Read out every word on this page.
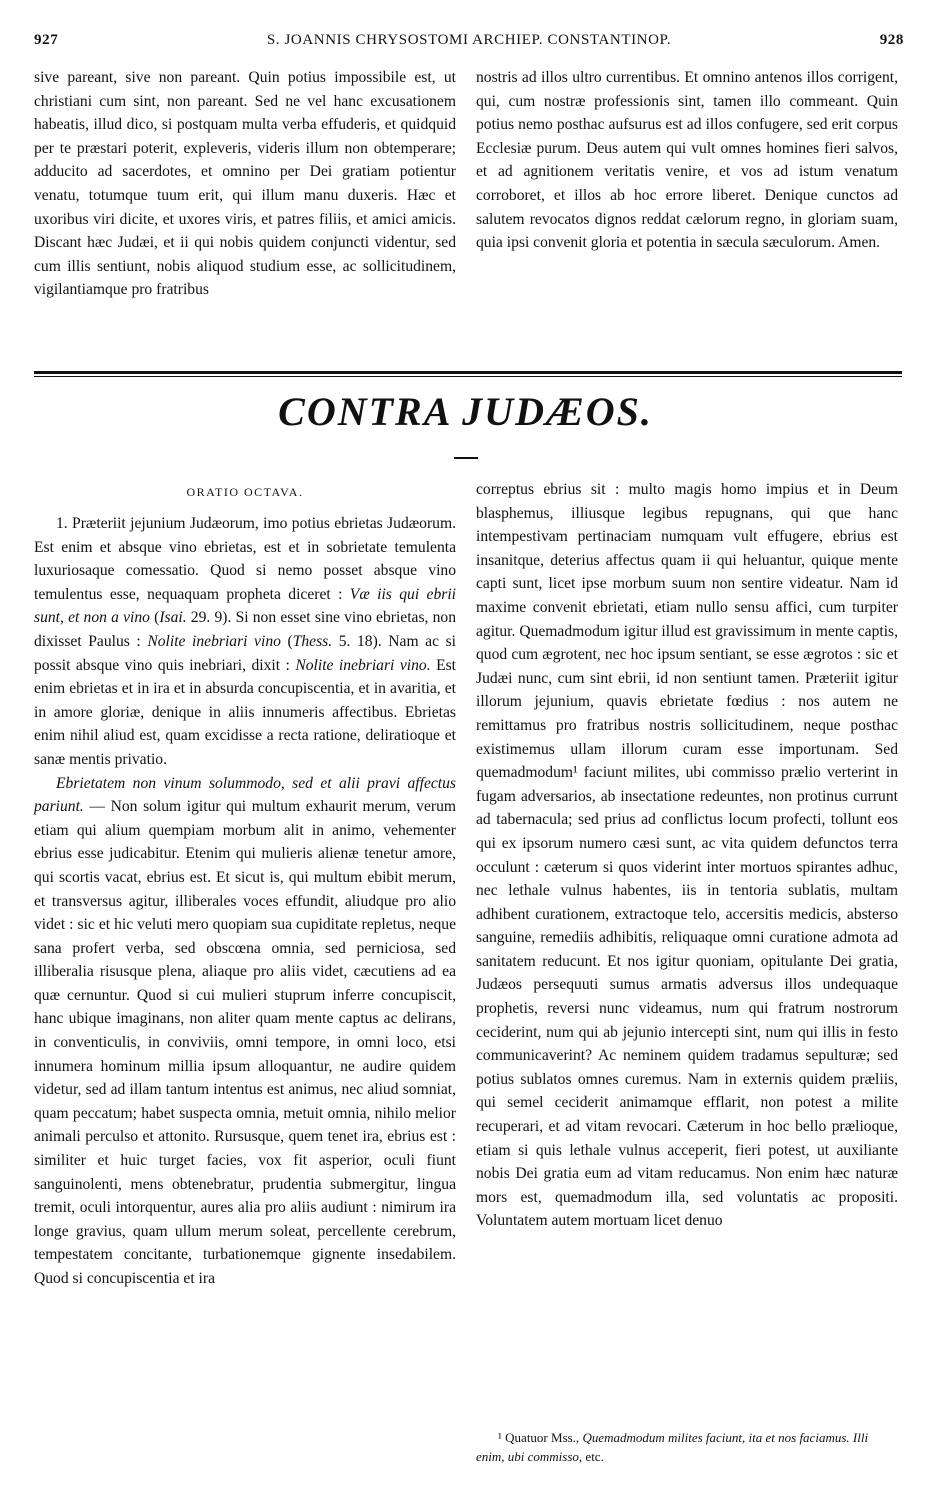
927	S. JOANNIS CHRYSOSTOMI ARCHIEP. CONSTANTINOP.	928

sive pareant, sive non pareant. Quin potius impossibile est, ut christiani cum sint, non pareant. Sed ne vel hanc excusationem habeatis, illud dico, si postquam multa verba effuderis, et quidquid per te præstari poterit, expleveris, videris illum non obtemperare; adducito ad sacerdotes, et omnino per Dei gratiam potientur venatu, totumque tuum erit, qui illum manu duxeris. Hæc et uxoribus viri dicite, et uxores viris, et patres filiis, et amici amicis. Discant hæc Judæi, et ii qui nobis quidem conjuncti videntur, sed cum illis sentiunt, nobis aliquod studium esse, ac sollicitudinem, vigilantiamque pro fratribus

nostris ad illos ultro currentibus. Et omnino antenos illos corrigent, qui, cum nostræ professionis sint, tamen illo commeant. Quin potius nemo posthac aufsurus est ad illos confugere, sed erit corpus Ecclesiæ purum. Deus autem qui vult omnes homines fieri salvos, et ad agnitionem veritatis venire, et vos ad istum venatum corroboret, et illos ab hoc errore liberet. Denique cunctos ad salutem revocatos dignos reddat cælorum regno, in gloriam suam, quia ipsi convenit gloria et potentia in sæcula sæculorum. Amen.

CONTRA JUDÆOS.
ORATIO OCTAVA.

1. Præteriit jejunium Judæorum, imo potius ebrietas Judæorum. Est enim et absque vino ebrietas, est et in sobrietate temulenta luxuriosaque comessatio. Quod si nemo posset absque vino temulentus esse, nequaquam propheta diceret : Væ iis qui ebrii sunt, et non a vino (Isai. 29. 9). Si non esset sine vino ebrietas, non dixisset Paulus : Nolite inebriari vino (Thess. 5. 18). Nam ac si possit absque vino quis inebriari, dixit : Nolite inebriari vino. Est enim ebrietas et in ira et in absurda concupiscentia, et in avaritia, et in amore gloriæ, denique in aliis innumeris affectibus. Ebrietas enim nihil aliud est, quam excidisse a recta ratione, deliratioque et sanæ mentis privatio.

Ebrietatem non vinum solummodo, sed et alii pravi affectus pariunt. — Non solum igitur qui multum exhaurit merum, verum etiam qui alium quempiam morbum alit in animo, vehementer ebrius esse judicabitur. Etenim qui mulieris alienæ tenetur amore, qui scortis vacat, ebrius est. Et sicut is, qui multum ebibit merum, et transversus agitur, illiberales voces effundit, aliudque pro alio videt : sic et hic veluti mero quopiam sua cupiditate repletus, neque sana profert verba, sed obscœna omnia, sed perniciosa, sed illiberalia risusque plena, aliaque pro aliis videt, cæcutiens ad ea quæ cernuntur. Quod si cui mulieri stuprum inferre concupiscit, hanc ubique imaginans, non aliter quam mente captus ac delirans, in conventiculis, in conviviis, omni tempore, in omni loco, etsi innumera hominum millia ipsum alloquantur, ne audire quidem videtur, sed ad illam tantum intentus est animus, nec aliud somniat, quam peccatum; habet suspecta omnia, metuit omnia, nihilo melior animali perculso et attonito. Rursusque, quem tenet ira, ebrius est : similiter et huic turget facies, vox fit asperior, oculi fiunt sanguinolenti, mens obtenebratur, prudentia submergitur, lingua tremit, oculi intorquentur, aures alia pro aliis audiunt : nimirum ira longe gravius, quam ullum merum soleat, percellente cerebrum, tempestatem concitante, turbationemque gignente insedabilem. Quod si concupiscentia et ira

correptus ebrius sit : multo magis homo impius et in Deum blasphemus, illiusque legibus repugnans, qui que hanc intempestivam pertinaciam numquam vult effugere, ebrius est insanitque, deterius affectus quam ii qui heluantur, quique mente capti sunt, licet ipse morbum suum non sentire videatur. Nam id maxime convenit ebrietati, etiam nullo sensu affici, cum turpiter agitur. Quemadmodum igitur illud est gravissimum in mente captis, quod cum ægrotent, nec hoc ipsum sentiant, se esse ægrotos : sic et Judæi nunc, cum sint ebrii, id non sentiunt tamen. Præteriit igitur illorum jejunium, quavis ebrietate fœdius : nos autem ne remittamus pro fratribus nostris sollicitudinem, neque posthac existimemus ullam illorum curam esse importunam. Sed quemadmodum¹ faciunt milites, ubi commisso prælio verterint in fugam adversarios, ab insectatione redeuntes, non protinus currunt ad tabernacula; sed prius ad conflictus locum profecti, tollunt eos qui ex ipsorum numero cæsi sunt, ac vita quidem defunctos terra occulunt : cæterum si quos viderint inter mortuos spirantes adhuc, nec lethale vulnus habentes, iis in tentoria sublatis, multam adhibent curationem, extractoque telo, accersitis medicis, absterso sanguine, remediis adhibitis, reliquaque omni curatione admota ad sanitatem reducunt. Et nos igitur quoniam, opitulante Dei gratia, Judæos persequuti sumus armatis adversus illos undequaque prophetis, reversi nunc videamus, num qui fratrum nostrorum ceciderint, num qui ab jejunio intercepti sint, num qui illis in festo communicaverint? Ac neminem quidem tradamus sepulturæ; sed potius sublatos omnes curemus. Nam in externis quidem præliis, qui semel ceciderit animamque efflarit, non potest a milite recuperari, et ad vitam revocari. Cæterum in hoc bello prælioque, etiam si quis lethale vulnus acceperit, fieri potest, ut auxiliante nobis Dei gratia eum ad vitam reducamus. Non enim hæc naturæ mors est, quemadmodum illa, sed voluntatis ac propositi. Voluntatem autem mortuam licet denuo

¹ Quatuor Mss., Quemadmodum milites faciunt, ita et nos faciamus. Illi enim, ubi commisso, etc.
